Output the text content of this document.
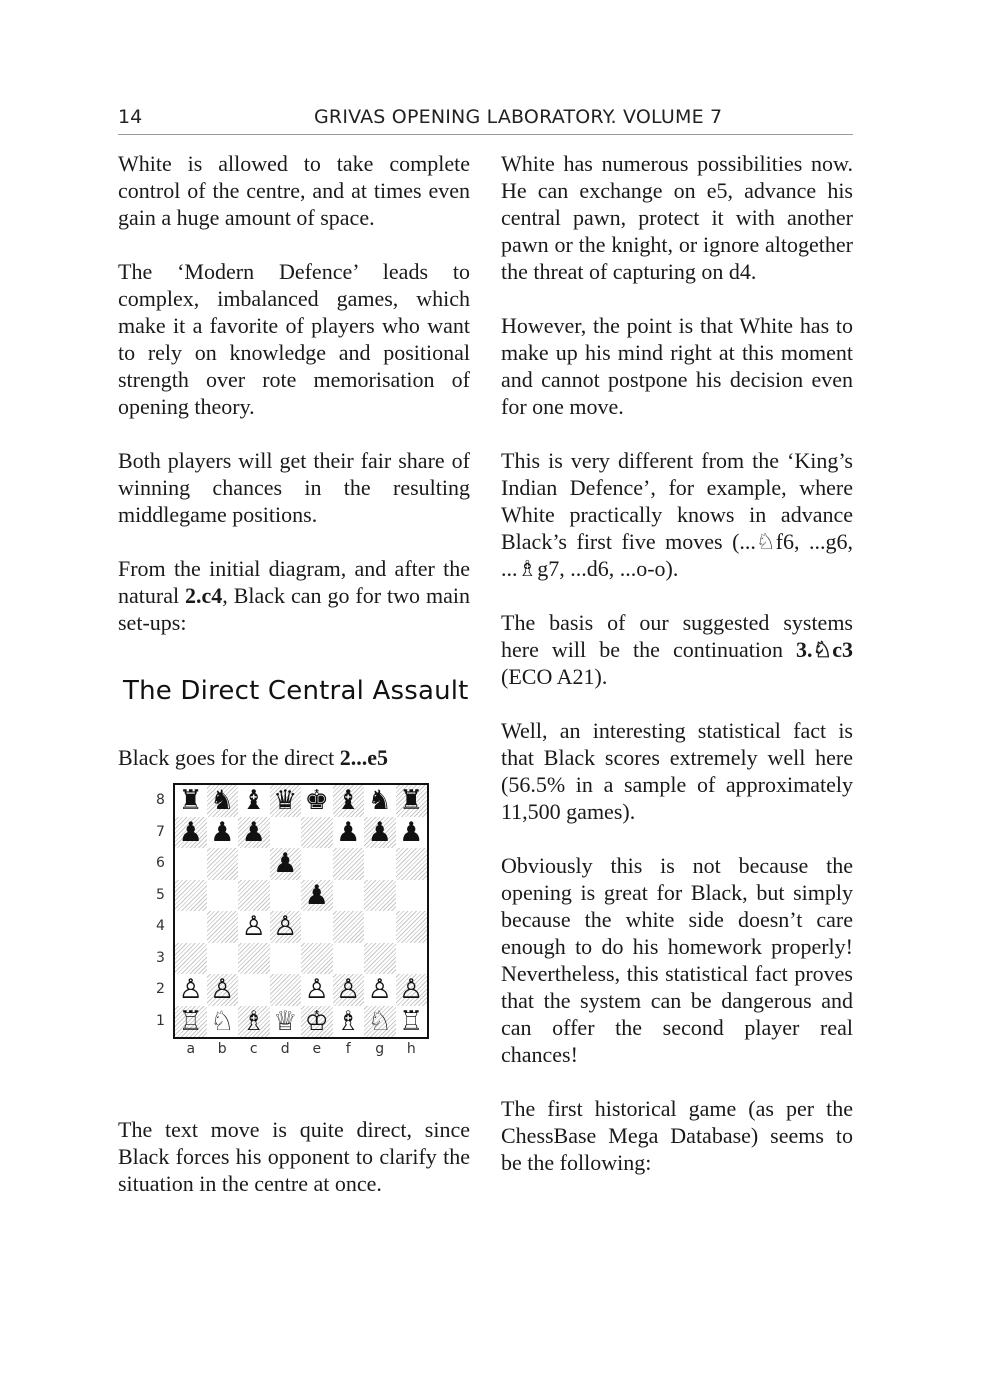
14	GRIVAS OPENING LABORATORY. VOLUME 7

White is allowed to take complete control of the centre, and at times even gain a huge amount of space.

The ‘Modern Defence’ leads to complex, imbalanced games, which make it a favorite of players who want to rely on knowledge and positional strength over rote memorisation of opening theory.

Both players will get their fair share of winning chances in the resulting middlegame positions.

From the initial diagram, and after the natural 2.c4, Black can go for two main set-ups:

The Direct Central Assault

Black goes for the direct 2...e5

The text move is quite direct, since Black forces his opponent to clarify the situation in the centre at once.

White has numerous possibilities now. He can exchange on e5, advance his central pawn, protect it with another pawn or the knight, or ignore altogether the threat of capturing on d4.

However, the point is that White has to make up his mind right at this moment and cannot postpone his decision even for one move.

This is very different from the ‘King’s Indian Defence’, for example, where White practically knows in advance Black’s first five moves (...♘f6, ...g6, ...♗g7, ...d6, ...o-o).

The basis of our suggested systems here will be the continuation 3.♘c3 (ECO A21).

Well, an interesting statistical fact is that Black scores extremely well here (56.5% in a sample of approximately 11,500 games).

Obviously this is not because the opening is great for Black, but simply because the white side doesn’t care enough to do his homework properly! Nevertheless, this statistical fact proves that the system can be dangerous and can offer the second player real chances!

The first historical game (as per the ChessBase Mega Database) seems to be the following:

8
7
6
5
4
3
2
1
♜ ♞ ♝ ♛ ♚ ♝ ♞ ♜
♟ ♟ ♟	♟ ♟ ♟
♟
♟
♙ ♙
♙ ♙	♙ ♙ ♙ ♙
♖ ♘ ♗ ♕ ♔ ♗ ♘ ♖
a	b	c	d	e	f	g	h
